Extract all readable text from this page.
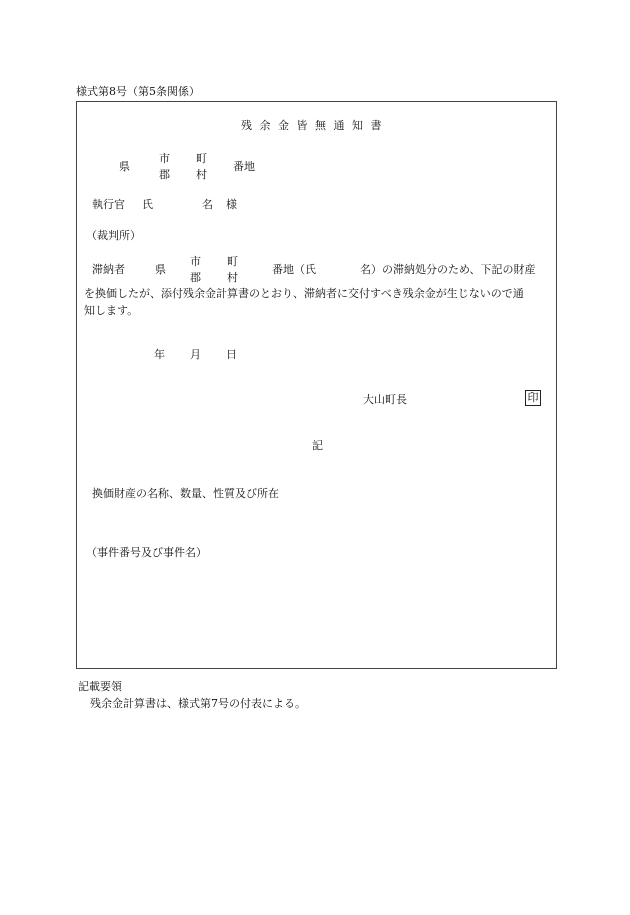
様式第8号（第5条関係）
残 余 金 皆 無 通 知 書
県
市
郡
町
村
番地
執行官 氏	名 様
（裁判所）
滞納者	県
市
郡
町
村
番地（氏	名）の滞納処分のため、下記の財産
を換価したが、添付残余金計算書のとおり、滞納者に交付すべき残余金が生じないので通
知します。
年 月 日
大山町長	印
記
換価財産の名称、数量、性質及び所在
（事件番号及び事件名）
記載要領
残余金計算書は、様式第7号の付表による。
